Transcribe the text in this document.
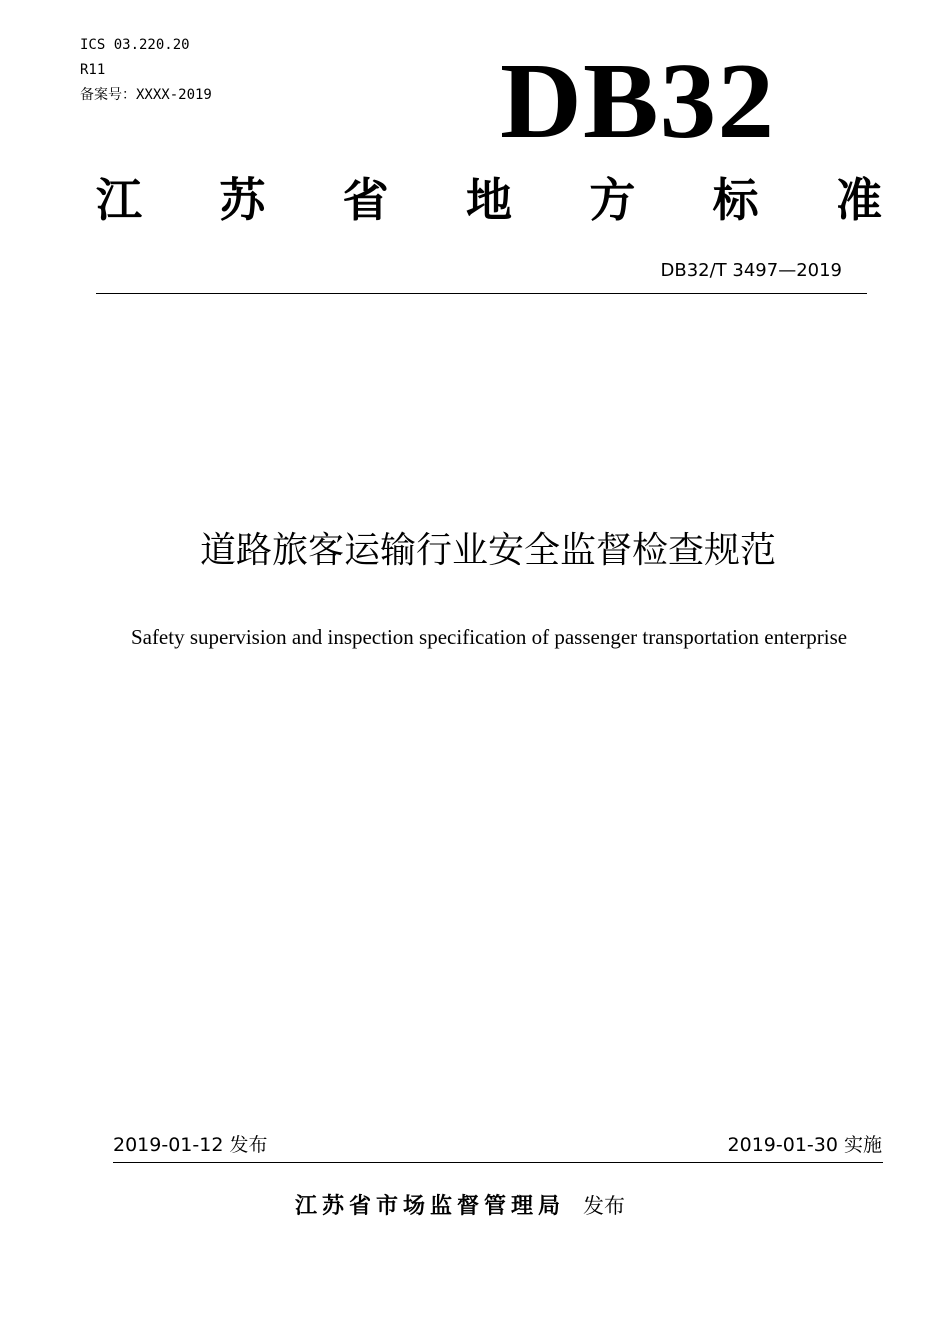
ICS 03.220.20
R11
备案号：XXXX-2019	DB32
江 苏 省 地 方 标 准
DB32/T 3497—2019
道路旅客运输行业安全监督检查规范
Safety supervision and inspection specification of passenger transportation enterprise
2019-01-12 发布	2019-01-30 实施
江苏省市场监督管理局 发布
